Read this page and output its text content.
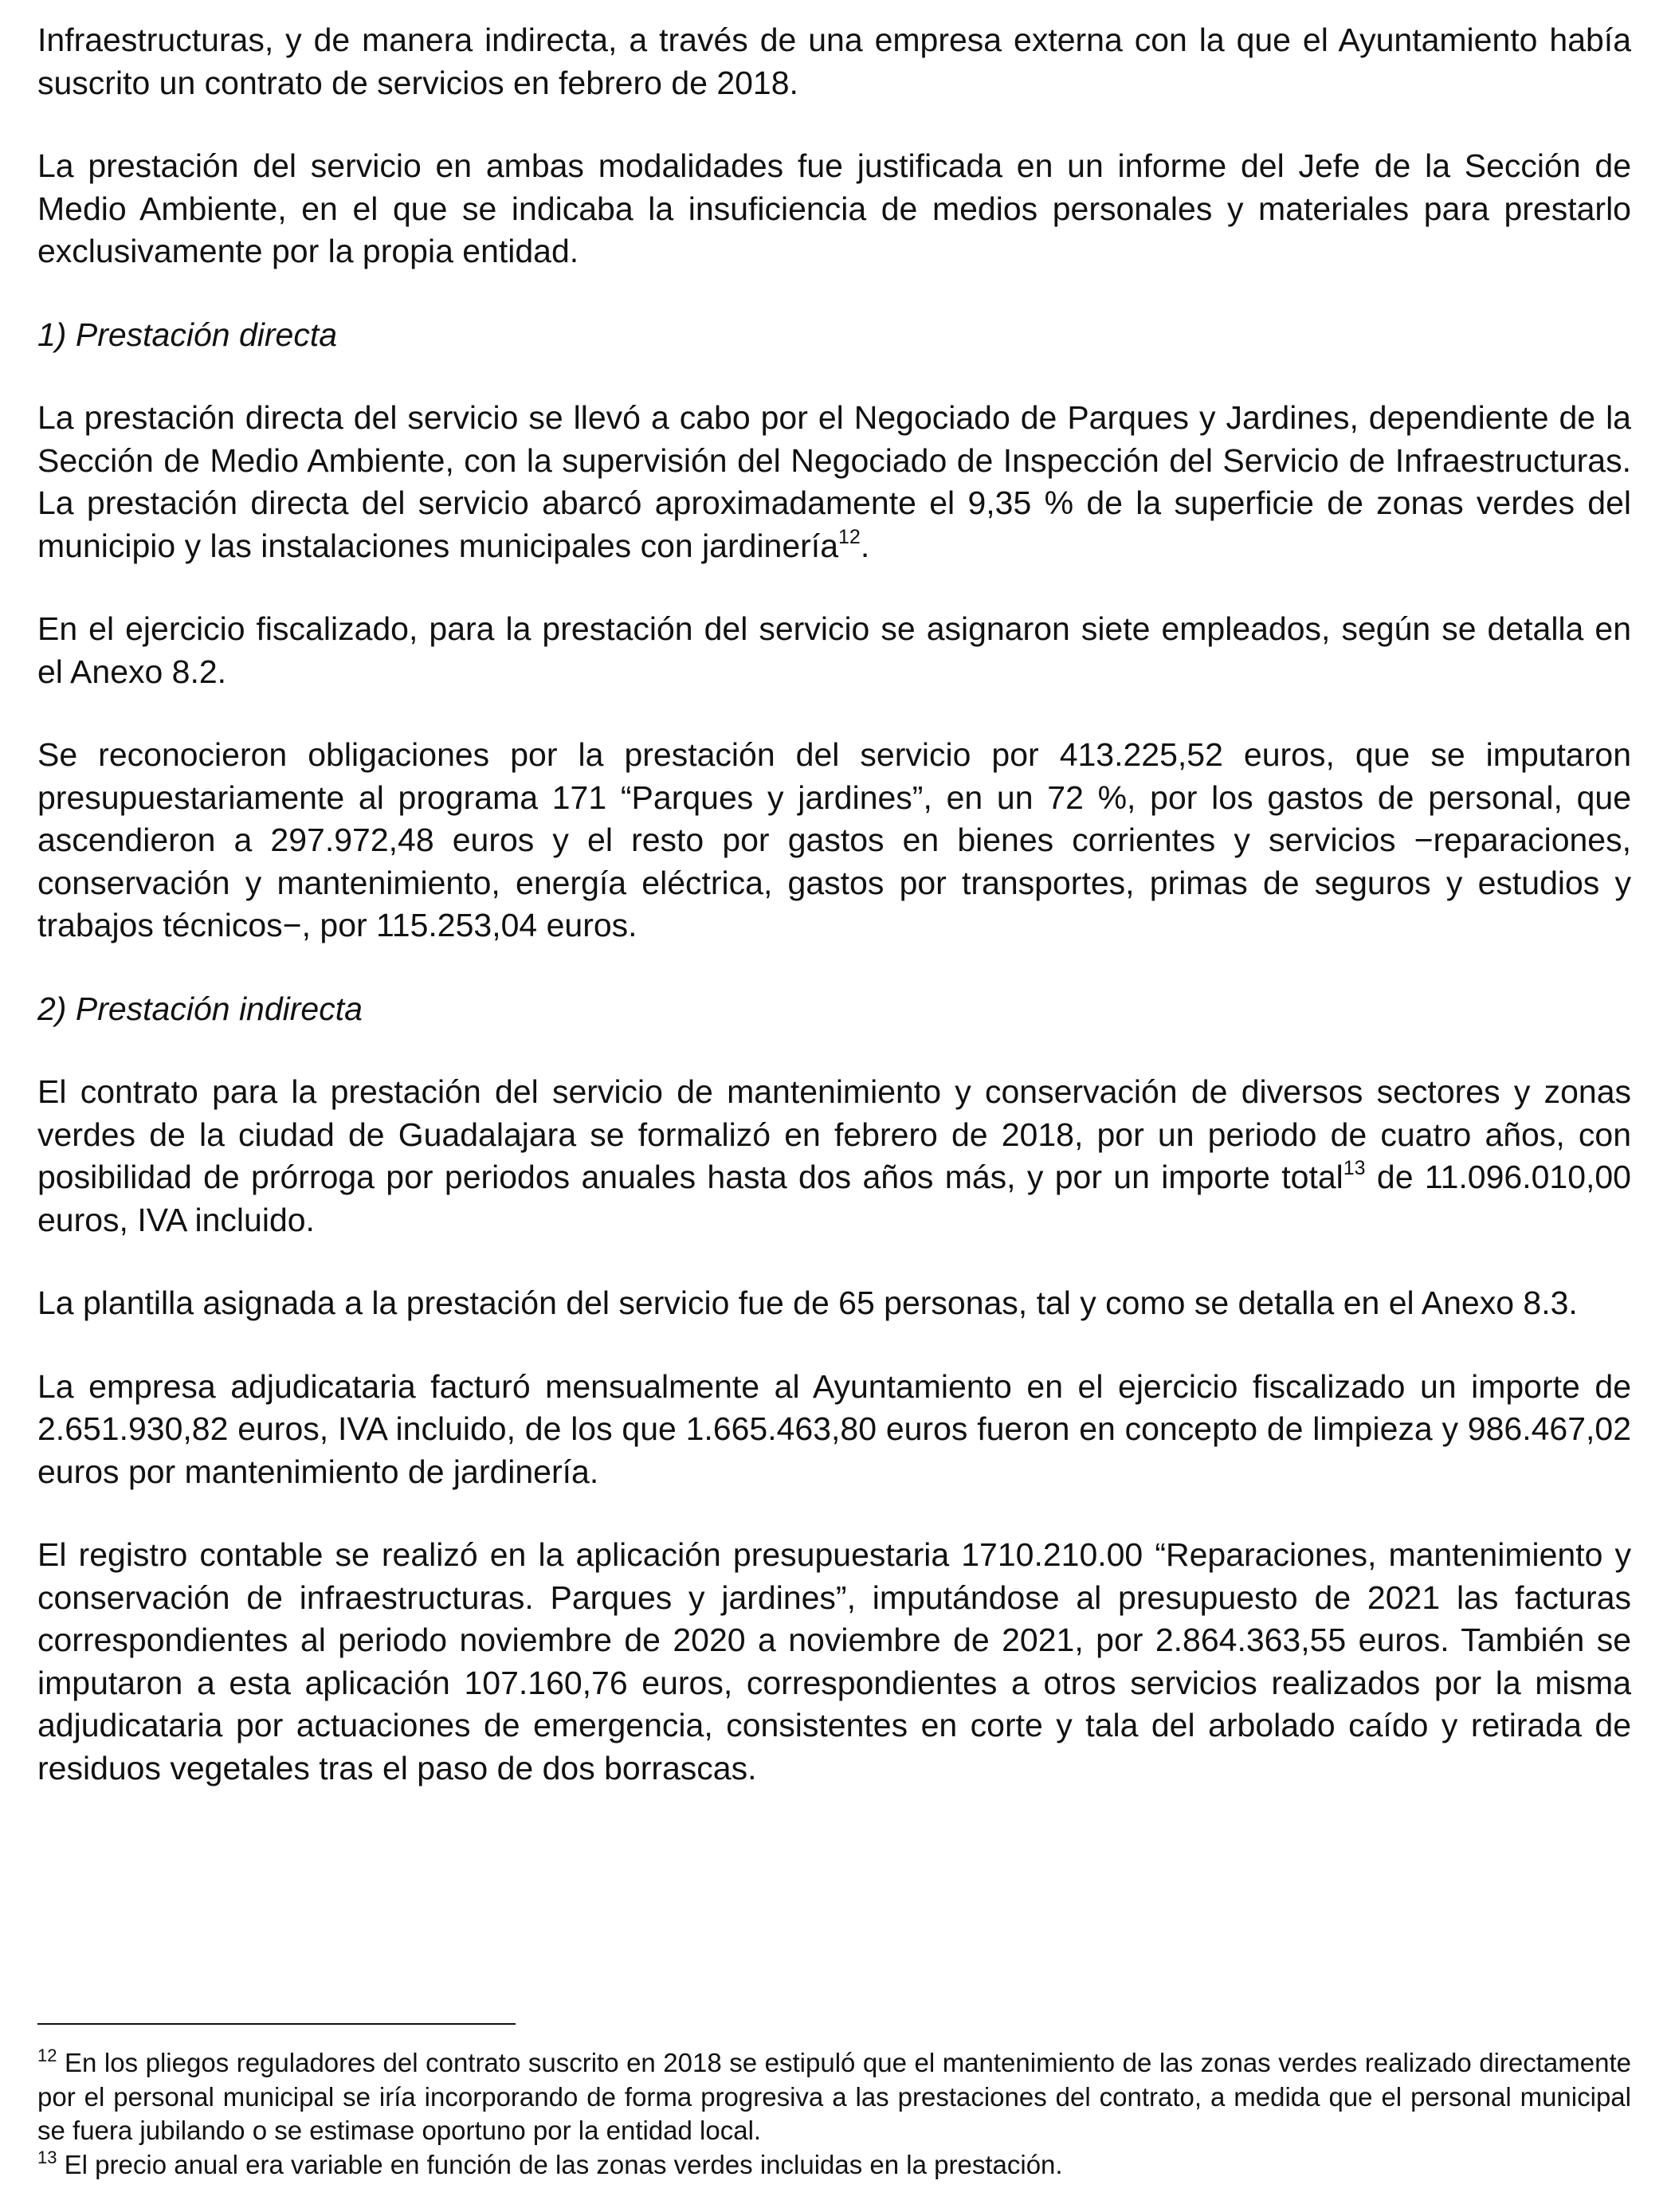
Infraestructuras, y de manera indirecta, a través de una empresa externa con la que el Ayuntamiento había suscrito un contrato de servicios en febrero de 2018.

La prestación del servicio en ambas modalidades fue justificada en un informe del Jefe de la Sección de Medio Ambiente, en el que se indicaba la insuficiencia de medios personales y materiales para prestarlo exclusivamente por la propia entidad.

1) Prestación directa

La prestación directa del servicio se llevó a cabo por el Negociado de Parques y Jardines, dependiente de la Sección de Medio Ambiente, con la supervisión del Negociado de Inspección del Servicio de Infraestructuras. La prestación directa del servicio abarcó aproximadamente el 9,35 % de la superficie de zonas verdes del municipio y las instalaciones municipales con jardinería$^{12}$.

En el ejercicio fiscalizado, para la prestación del servicio se asignaron siete empleados, según se detalla en el Anexo 8.2.

Se reconocieron obligaciones por la prestación del servicio por 413.225,52 euros, que se imputaron presupuestariamente al programa 171 “Parques y jardines”, en un 72 %, por los gastos de personal, que ascendieron a 297.972,48 euros y el resto por gastos en bienes corrientes y servicios −reparaciones, conservación y mantenimiento, energía eléctrica, gastos por transportes, primas de seguros y estudios y trabajos técnicos−, por 115.253,04 euros.

2) Prestación indirecta

El contrato para la prestación del servicio de mantenimiento y conservación de diversos sectores y zonas verdes de la ciudad de Guadalajara se formalizó en febrero de 2018, por un periodo de cuatro años, con posibilidad de prórroga por periodos anuales hasta dos años más, y por un importe total$^{13}$ de 11.096.010,00 euros, IVA incluido.

La plantilla asignada a la prestación del servicio fue de 65 personas, tal y como se detalla en el Anexo 8.3.

La empresa adjudicataria facturó mensualmente al Ayuntamiento en el ejercicio fiscalizado un importe de 2.651.930,82 euros, IVA incluido, de los que 1.665.463,80 euros fueron en concepto de limpieza y 986.467,02 euros por mantenimiento de jardinería.

El registro contable se realizó en la aplicación presupuestaria 1710.210.00 “Reparaciones, mantenimiento y conservación de infraestructuras. Parques y jardines”, imputándose al presupuesto de 2021 las facturas correspondientes al periodo noviembre de 2020 a noviembre de 2021, por 2.864.363,55 euros. También se imputaron a esta aplicación 107.160,76 euros, correspondientes a otros servicios realizados por la misma adjudicataria por actuaciones de emergencia, consistentes en corte y tala del arbolado caído y retirada de residuos vegetales tras el paso de dos borrascas.

$^{12}$ En los pliegos reguladores del contrato suscrito en 2018 se estipuló que el mantenimiento de las zonas verdes realizado directamente por el personal municipal se iría incorporando de forma progresiva a las prestaciones del contrato, a medida que el personal municipal se fuera jubilando o se estimase oportuno por la entidad local.

$^{13}$ El precio anual era variable en función de las zonas verdes incluidas en la prestación.
